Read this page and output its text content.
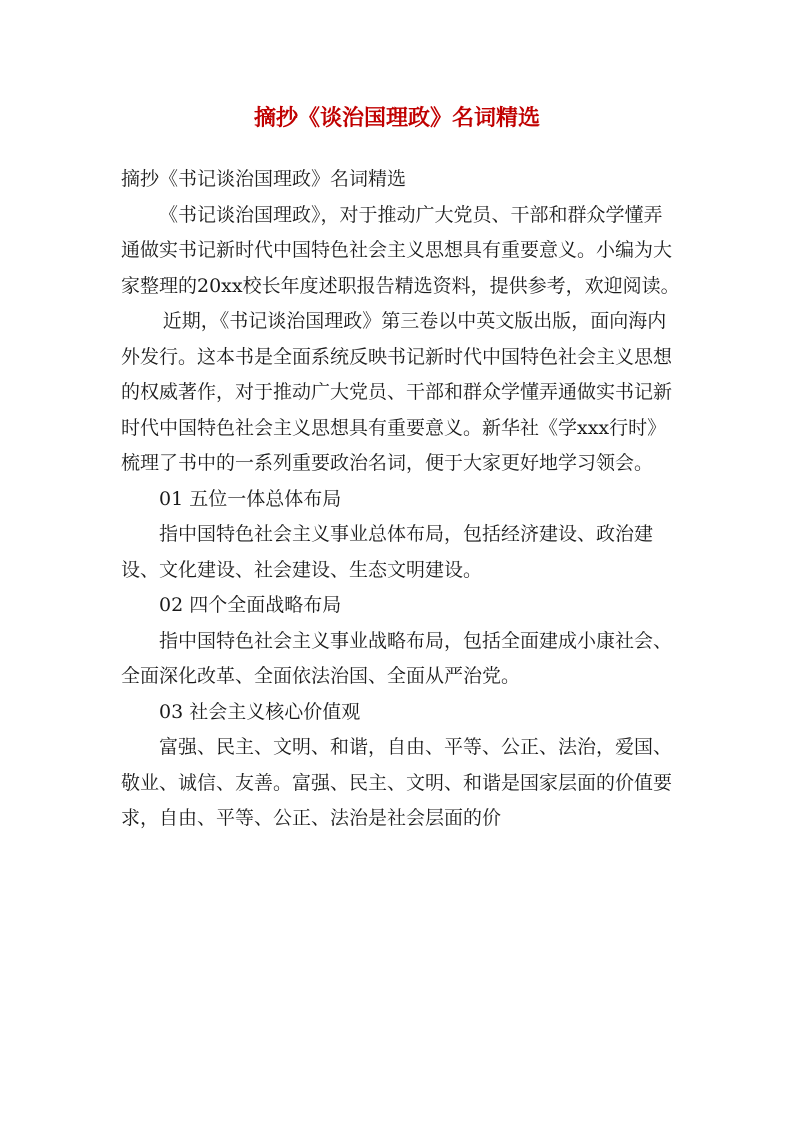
摘抄《谈治国理政》名词精选

摘抄《书记谈治国理政》名词精选

《书记谈治国理政》，对于推动广大党员、干部和群众学懂弄通做实书记新时代中国特色社会主义思想具有重要意义。小编为大家整理的20xx校长年度述职报告精选资料，提供参考，欢迎阅读。

近期，《书记谈治国理政》第三卷以中英文版出版，面向海内外发行。这本书是全面系统反映书记新时代中国特色社会主义思想的权威著作，对于推动广大党员、干部和群众学懂弄通做实书记新时代中国特色社会主义思想具有重要意义。新华社《学xxx行时》梳理了书中的一系列重要政治名词，便于大家更好地学习领会。

01 五位一体总体布局

指中国特色社会主义事业总体布局，包括经济建设、政治建设、文化建设、社会建设、生态文明建设。

02 四个全面战略布局

指中国特色社会主义事业战略布局，包括全面建成小康社会、全面深化改革、全面依法治国、全面从严治党。

03 社会主义核心价值观

富强、民主、文明、和谐，自由、平等、公正、法治，爱国、敬业、诚信、友善。富强、民主、文明、和谐是国家层面的价值要求，自由、平等、公正、法治是社会层面的价
